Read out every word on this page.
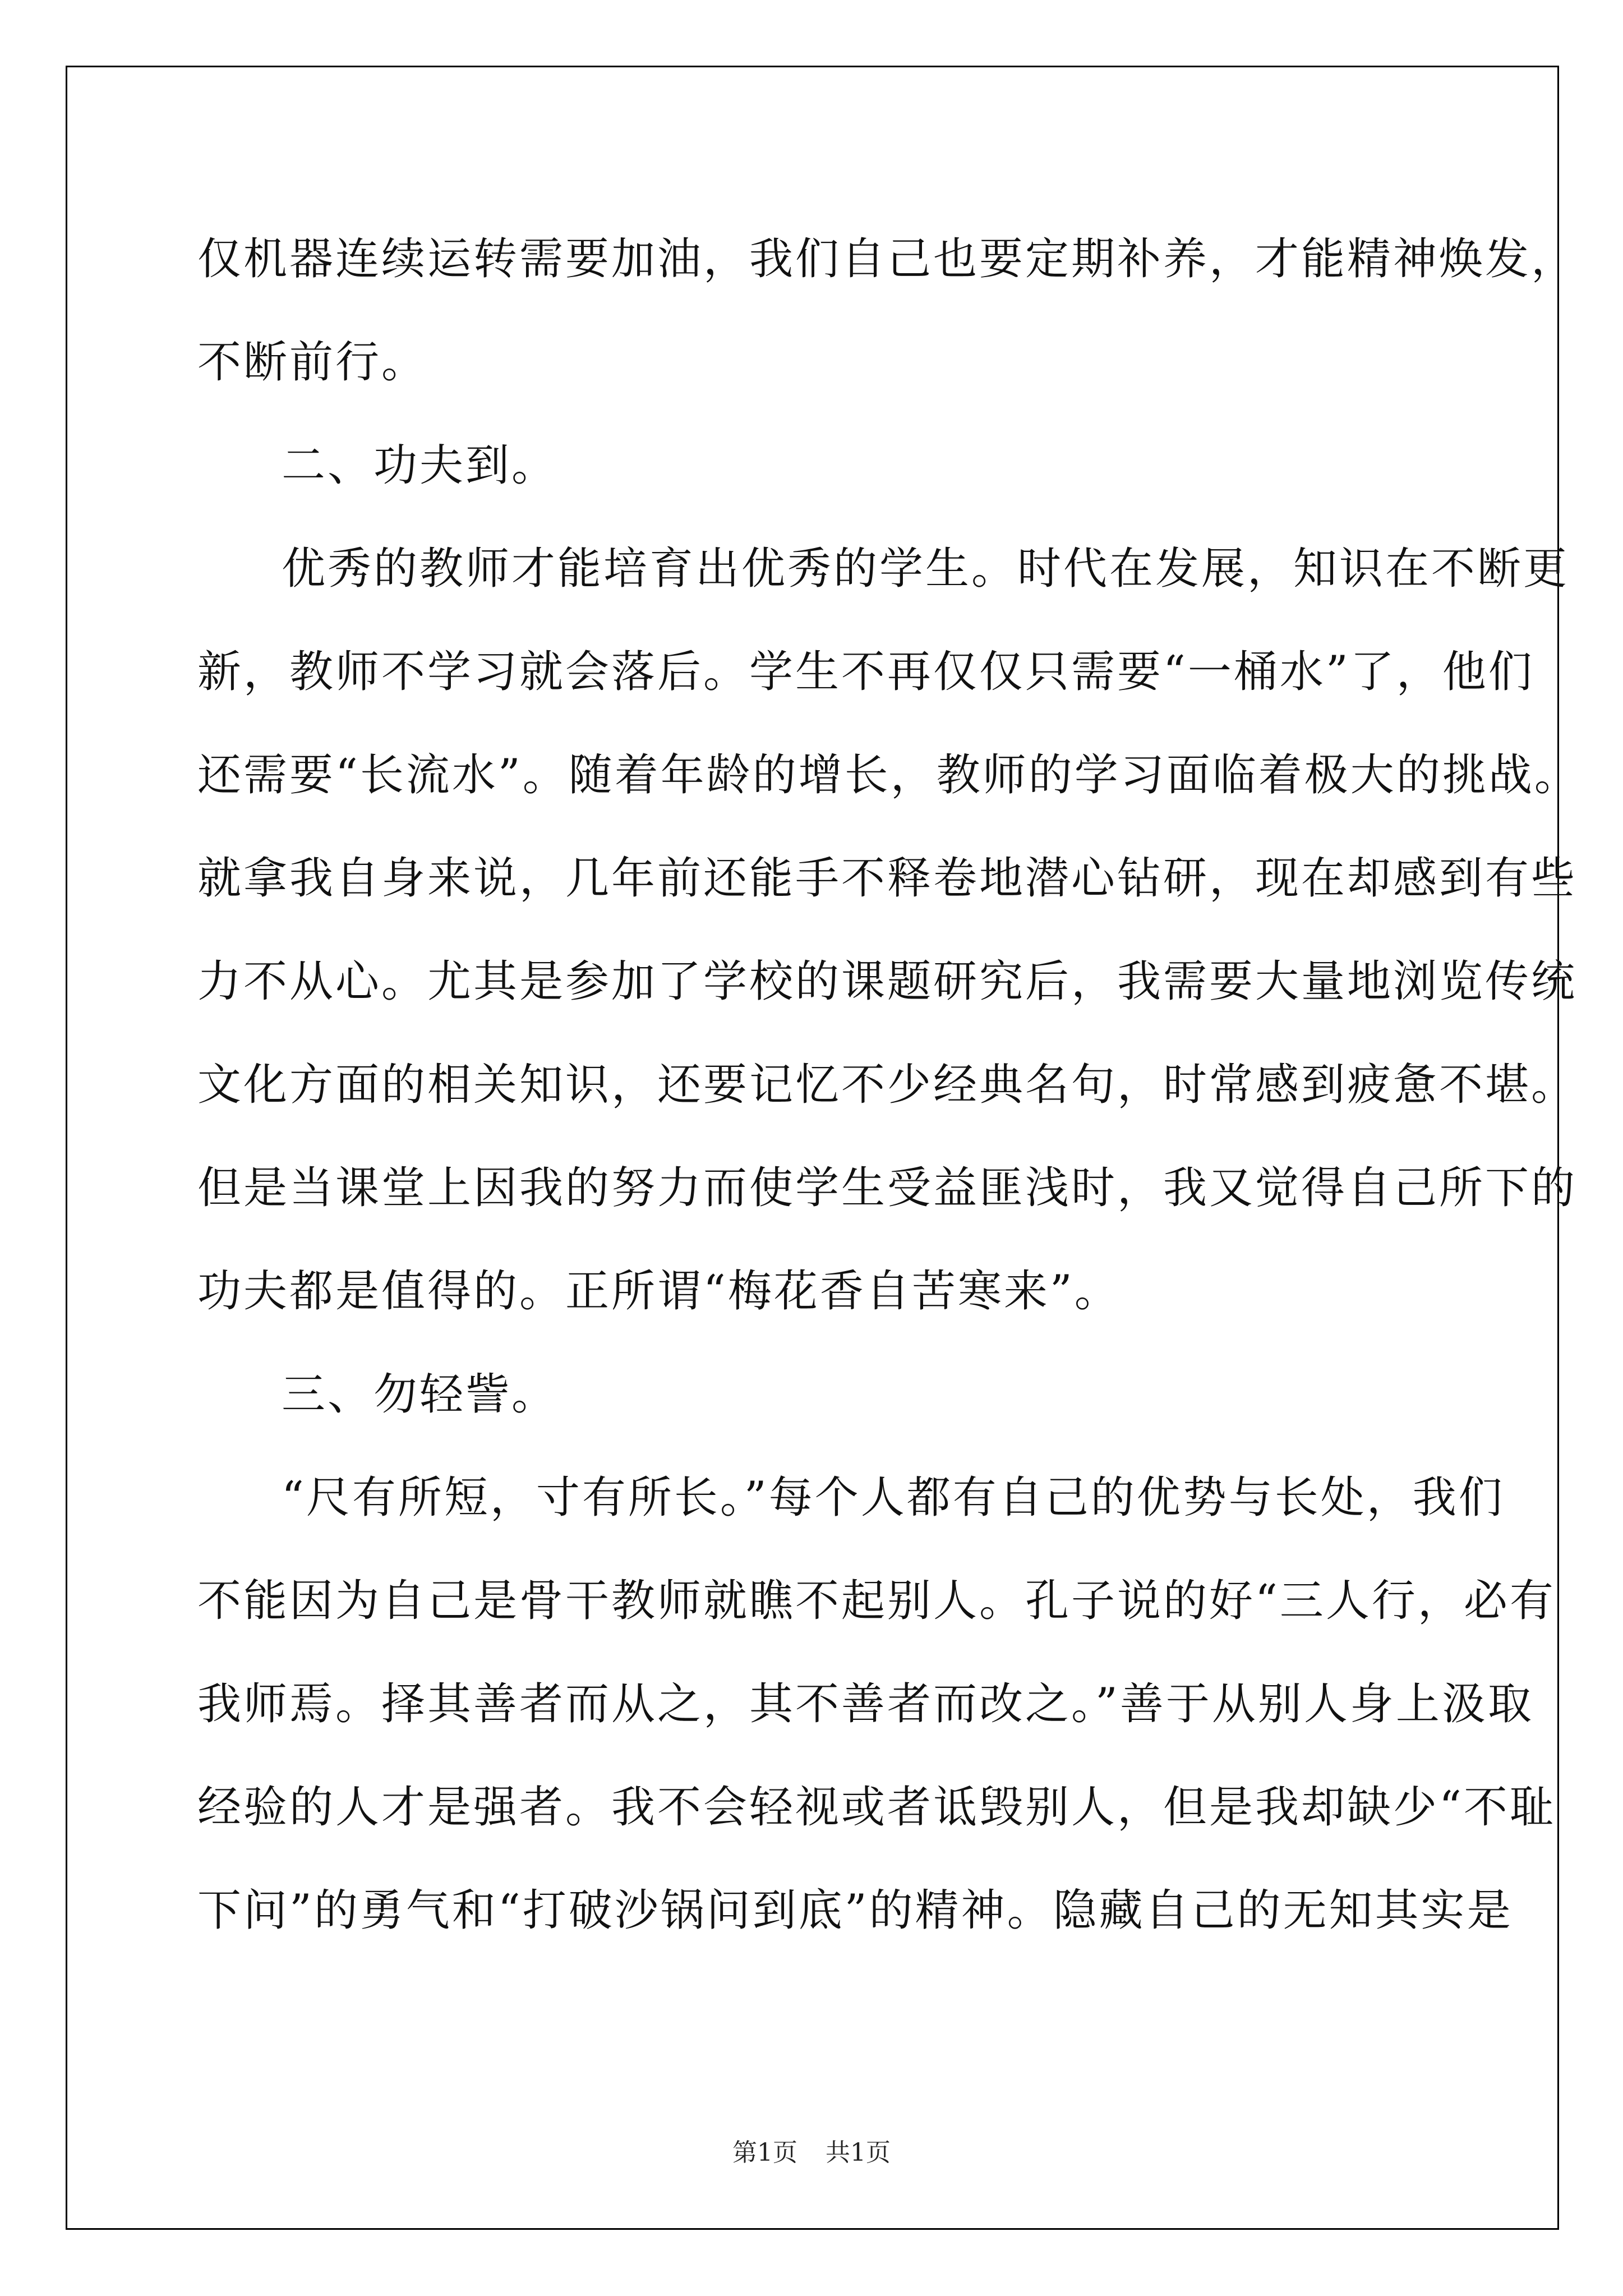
仅机器连续运转需要加油，我们自己也要定期补养，才能精神焕发，
不断前行。
二、功夫到。
优秀的教师才能培育出优秀的学生。时代在发展，知识在不断更
新，教师不学习就会落后。学生不再仅仅只需要“一桶水”了，他们
还需要“长流水”。随着年龄的增长，教师的学习面临着极大的挑战。
就拿我自身来说，几年前还能手不释卷地潜心钻研，现在却感到有些
力不从心。尤其是参加了学校的课题研究后，我需要大量地浏览传统
文化方面的相关知识，还要记忆不少经典名句，时常感到疲惫不堪。
但是当课堂上因我的努力而使学生受益匪浅时，我又觉得自己所下的
功夫都是值得的。正所谓“梅花香自苦寒来”。
三、勿轻訾。
“尺有所短，寸有所长。”每个人都有自己的优势与长处，我们
不能因为自己是骨干教师就瞧不起别人。孔子说的好“三人行，必有
我师焉。择其善者而从之，其不善者而改之。”善于从别人身上汲取
经验的人才是强者。我不会轻视或者诋毁别人，但是我却缺少“不耻
下问”的勇气和“打破沙锅问到底”的精神。隐藏自己的无知其实是
第1页 共1页
